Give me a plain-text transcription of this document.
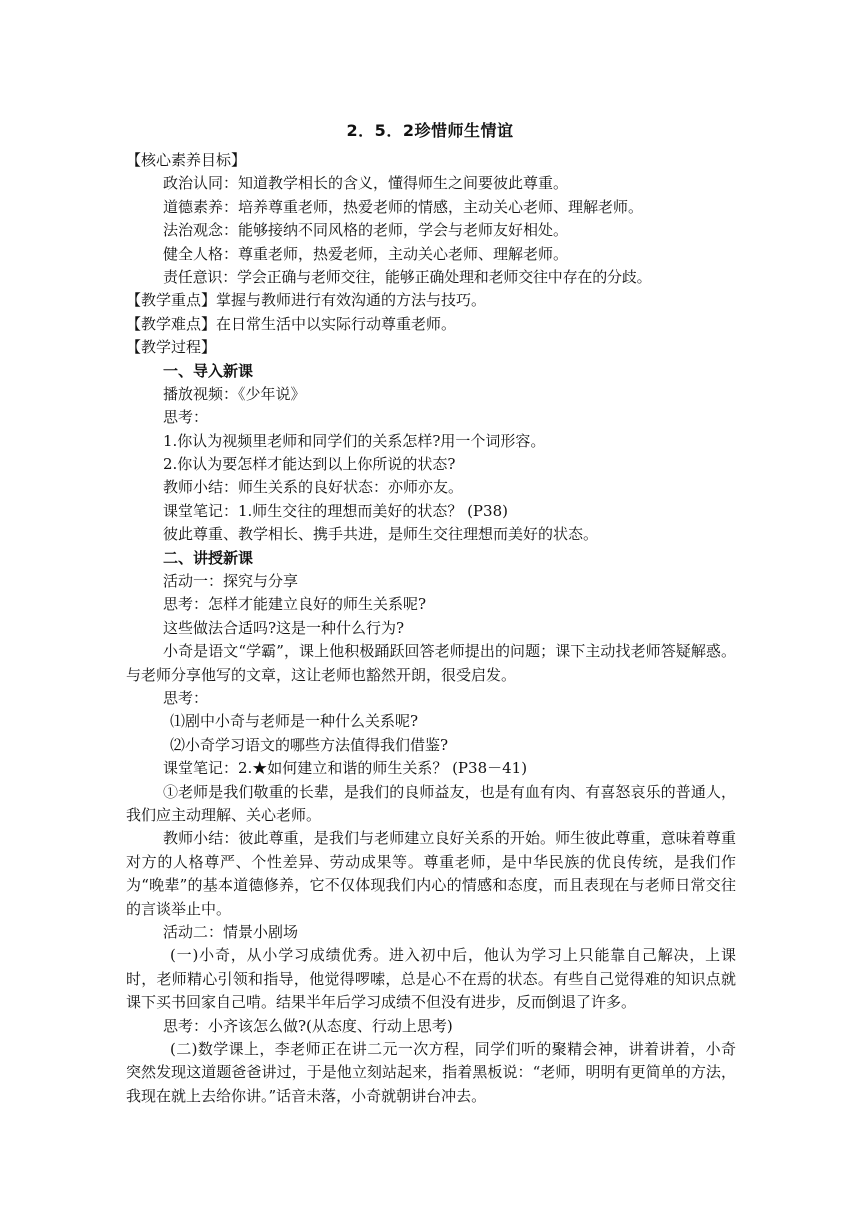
2．5．2珍惜师生情谊
【核心素养目标】
政治认同：知道教学相长的含义，懂得师生之间要彼此尊重。
道德素养：培养尊重老师，热爱老师的情感，主动关心老师、理解老师。
法治观念：能够接纳不同风格的老师，学会与老师友好相处。
健全人格：尊重老师，热爱老师，主动关心老师、理解老师。
责任意识：学会正确与老师交往，能够正确处理和老师交往中存在的分歧。
【教学重点】掌握与教师进行有效沟通的方法与技巧。
【教学难点】在日常生活中以实际行动尊重老师。
【教学过程】
一、导入新课
播放视频：《少年说》
思考：
1.你认为视频里老师和同学们的关系怎样?用一个词形容。
2.你认为要怎样才能达到以上你所说的状态?
教师小结：师生关系的良好状态：亦师亦友。
课堂笔记：1.师生交往的理想而美好的状态？ (P38)
彼此尊重、教学相长、携手共进，是师生交往理想而美好的状态。
二、讲授新课
活动一：探究与分享
思考：怎样才能建立良好的师生关系呢?
这些做法合适吗?这是一种什么行为?

小奇是语文“学霸”，课上他积极踊跃回答老师提出的问题；课下主动找老师答疑解惑。与老师分享他写的文章，这让老师也豁然开朗，很受启发。

思考：
⑴剧中小奇与老师是一种什么关系呢?
⑵小奇学习语文的哪些方法值得我们借鉴?
课堂笔记：2.★如何建立和谐的师生关系？ (P38－41)

①老师是我们敬重的长辈，是我们的良师益友，也是有血有肉、有喜怒哀乐的普通人，我们应主动理解、关心老师。

教师小结：彼此尊重，是我们与老师建立良好关系的开始。师生彼此尊重，意味着尊重对方的人格尊严、个性差异、劳动成果等。尊重老师，是中华民族的优良传统，是我们作为“晚辈”的基本道德修养，它不仅体现我们内心的情感和态度，而且表现在与老师日常交往的言谈举止中。

活动二：情景小剧场

(一)小奇，从小学习成绩优秀。进入初中后，他认为学习上只能靠自己解决，上课时，老师精心引领和指导，他觉得啰嗦，总是心不在焉的状态。有些自己觉得难的知识点就课下买书回家自己啃。结果半年后学习成绩不但没有进步，反而倒退了许多。

思考：小齐该怎么做?(从态度、行动上思考)

(二)数学课上，李老师正在讲二元一次方程，同学们听的聚精会神，讲着讲着，小奇突然发现这道题爸爸讲过，于是他立刻站起来，指着黑板说：“老师，明明有更简单的方法，我现在就上去给你讲。”话音未落，小奇就朝讲台冲去。
